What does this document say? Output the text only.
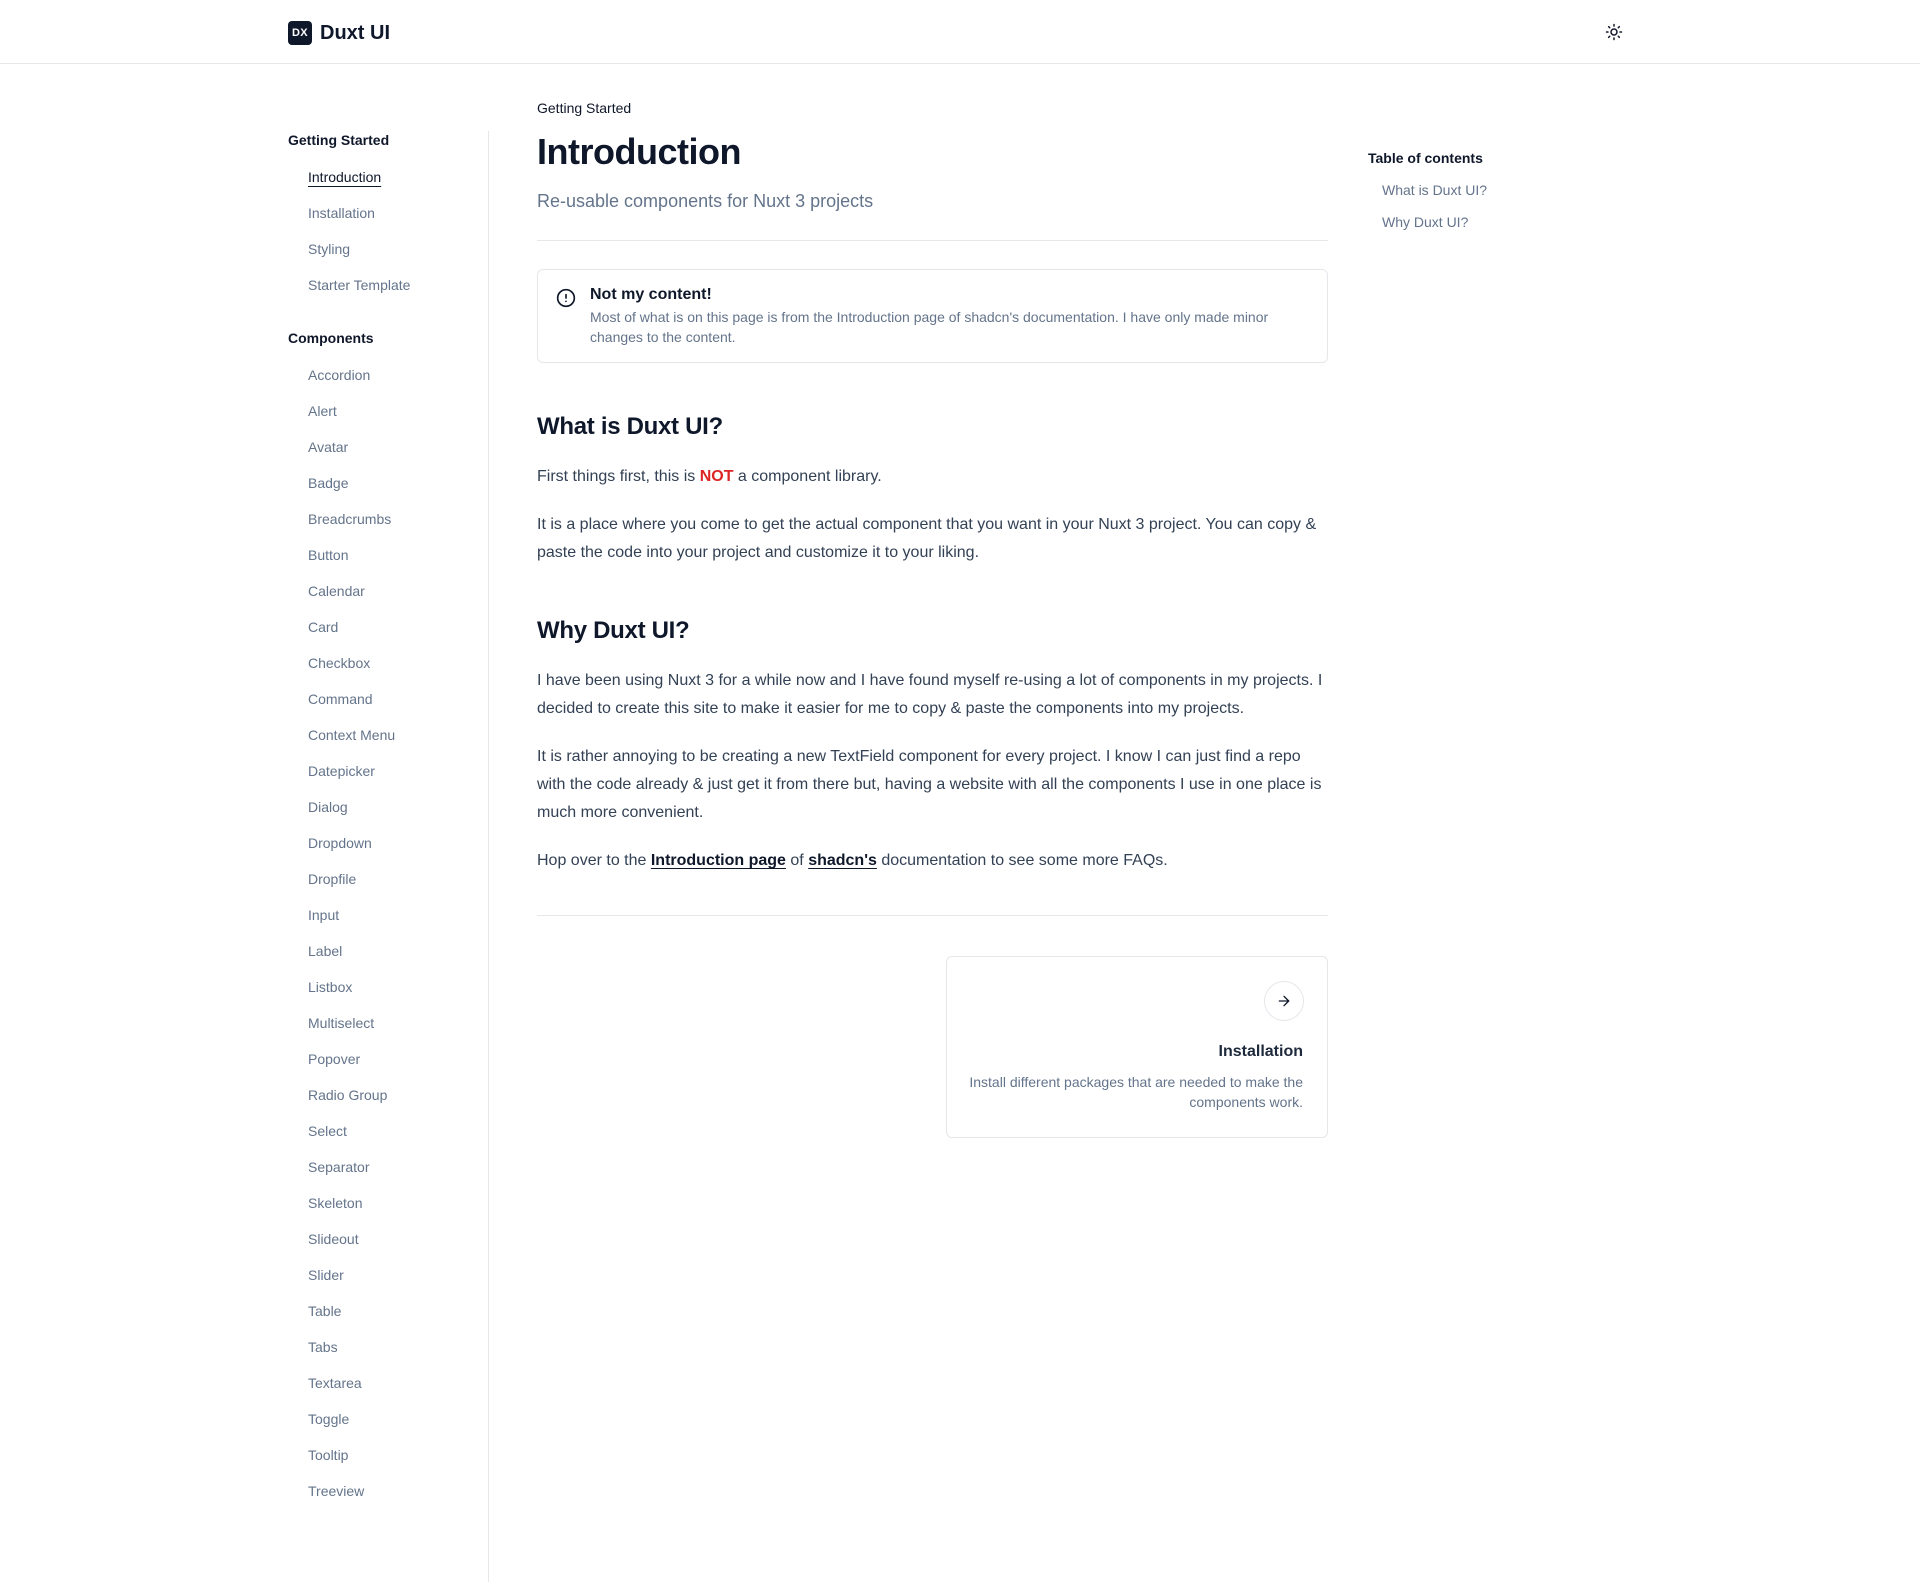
DX Duxt UI
Getting Started
Introduction
Installation
Styling
Starter Template
Components
Accordion
Alert
Avatar
Badge
Breadcrumbs
Button
Calendar
Card
Checkbox
Command
Context Menu
Datepicker
Dialog
Dropdown
Dropfile
Input
Label
Listbox
Multiselect
Popover
Radio Group
Select
Separator
Skeleton
Slideout
Slider
Table
Tabs
Textarea
Toggle
Tooltip
Treeview
Getting Started
Introduction

Re-usable components for Nuxt 3 projects

Not my content!
Most of what is on this page is from the Introduction page of shadcn's documentation. I have only made minor changes to the content.
What is Duxt UI?

First things first, this is NOT a component library.

It is a place where you come to get the actual component that you want in your Nuxt 3 project. You can copy & paste the code into your project and customize it to your liking.

Why Duxt UI?

I have been using Nuxt 3 for a while now and I have found myself re-using a lot of components in my projects. I decided to create this site to make it easier for me to copy & paste the components into my projects.

It is rather annoying to be creating a new TextField component for every project. I know I can just find a repo with the code already & just get it from there but, having a website with all the components I use in one place is much more convenient.

Hop over to the Introduction page of shadcn's documentation to see some more FAQs.

Installation
Install different packages that are needed to make the components work.
Table of contents
What is Duxt UI?
Why Duxt UI?
